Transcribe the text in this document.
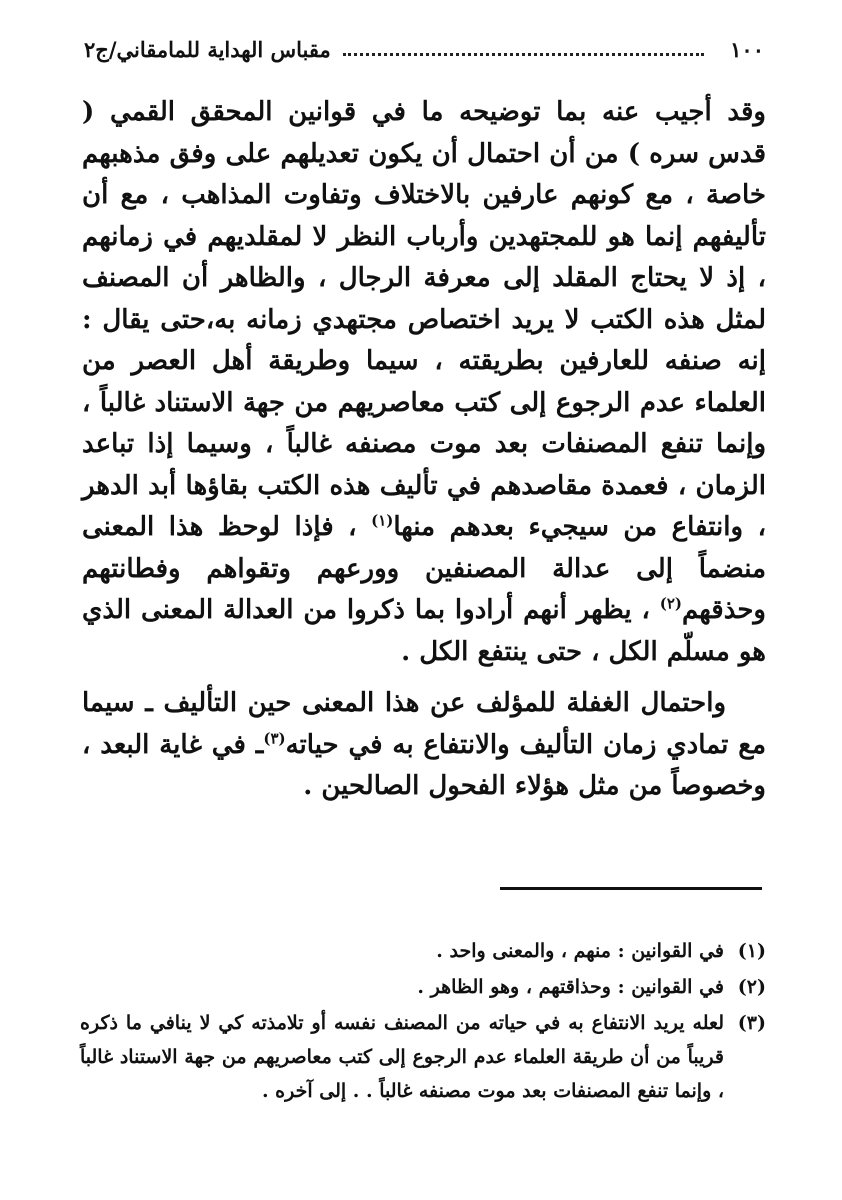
١٠٠
مقباس الهداية للمامقاني/ج٢

وقد أجيب عنه بما توضيحه ما في قوانين المحقق القمي ( قدس سره ) من أن احتمال أن يكون تعديلهم على وفق مذهبهم خاصة ، مع كونهم عارفين بالاختلاف وتفاوت المذاهب ، مع أن تأليفهم إنما هو للمجتهدين وأرباب النظر لا لمقلديهم في زمانهم ، إذ لا يحتاج المقلد إلى معرفة الرجال ، والظاهر أن المصنف لمثل هذه الكتب لا يريد اختصاص مجتهدي زمانه به،حتى يقال : إنه صنفه للعارفين بطريقته ، سيما وطريقة أهل العصر من العلماء عدم الرجوع إلى كتب معاصريهم من جهة الاستناد غالباً ، وإنما تنفع المصنفات بعد موت مصنفه غالباً ، وسيما إذا تباعد الزمان ، فعمدة مقاصدهم في تأليف هذه الكتب بقاؤها أبد الدهر ، وانتفاع من سيجيء بعدهم منها$^{(١)}$ ، فإذا لوحظ هذا المعنى منضماً إلى عدالة المصنفين وورعهم وتقواهم وفطانتهم وحذقهم$^{(٢)}$ ، يظهر أنهم أرادوا بما ذكروا من العدالة المعنى الذي هو مسلّم الكل ، حتى ينتفع الكل .

واحتمال الغفلة للمؤلف عن هذا المعنى حين التأليف ـ سيما مع تمادي زمان التأليف والانتفاع به في حياته$^{(٣)}$ـ في غاية البعد ، وخصوصاً من مثل هؤلاء الفحول الصالحين .

(١)
في القوانين : منهم ، والمعنى واحد .
(٢)
في القوانين : وحذاقتهم ، وهو الظاهر .
(٣)
لعله يريد الانتفاع به في حياته من المصنف نفسه أو تلامذته كي لا ينافي ما ذكره قريباً من أن طريقة العلماء عدم الرجوع إلى كتب معاصريهم من جهة الاستناد غالباً ، وإنما تنفع المصنفات بعد موت مصنفه غالباً . . إلى آخره .
